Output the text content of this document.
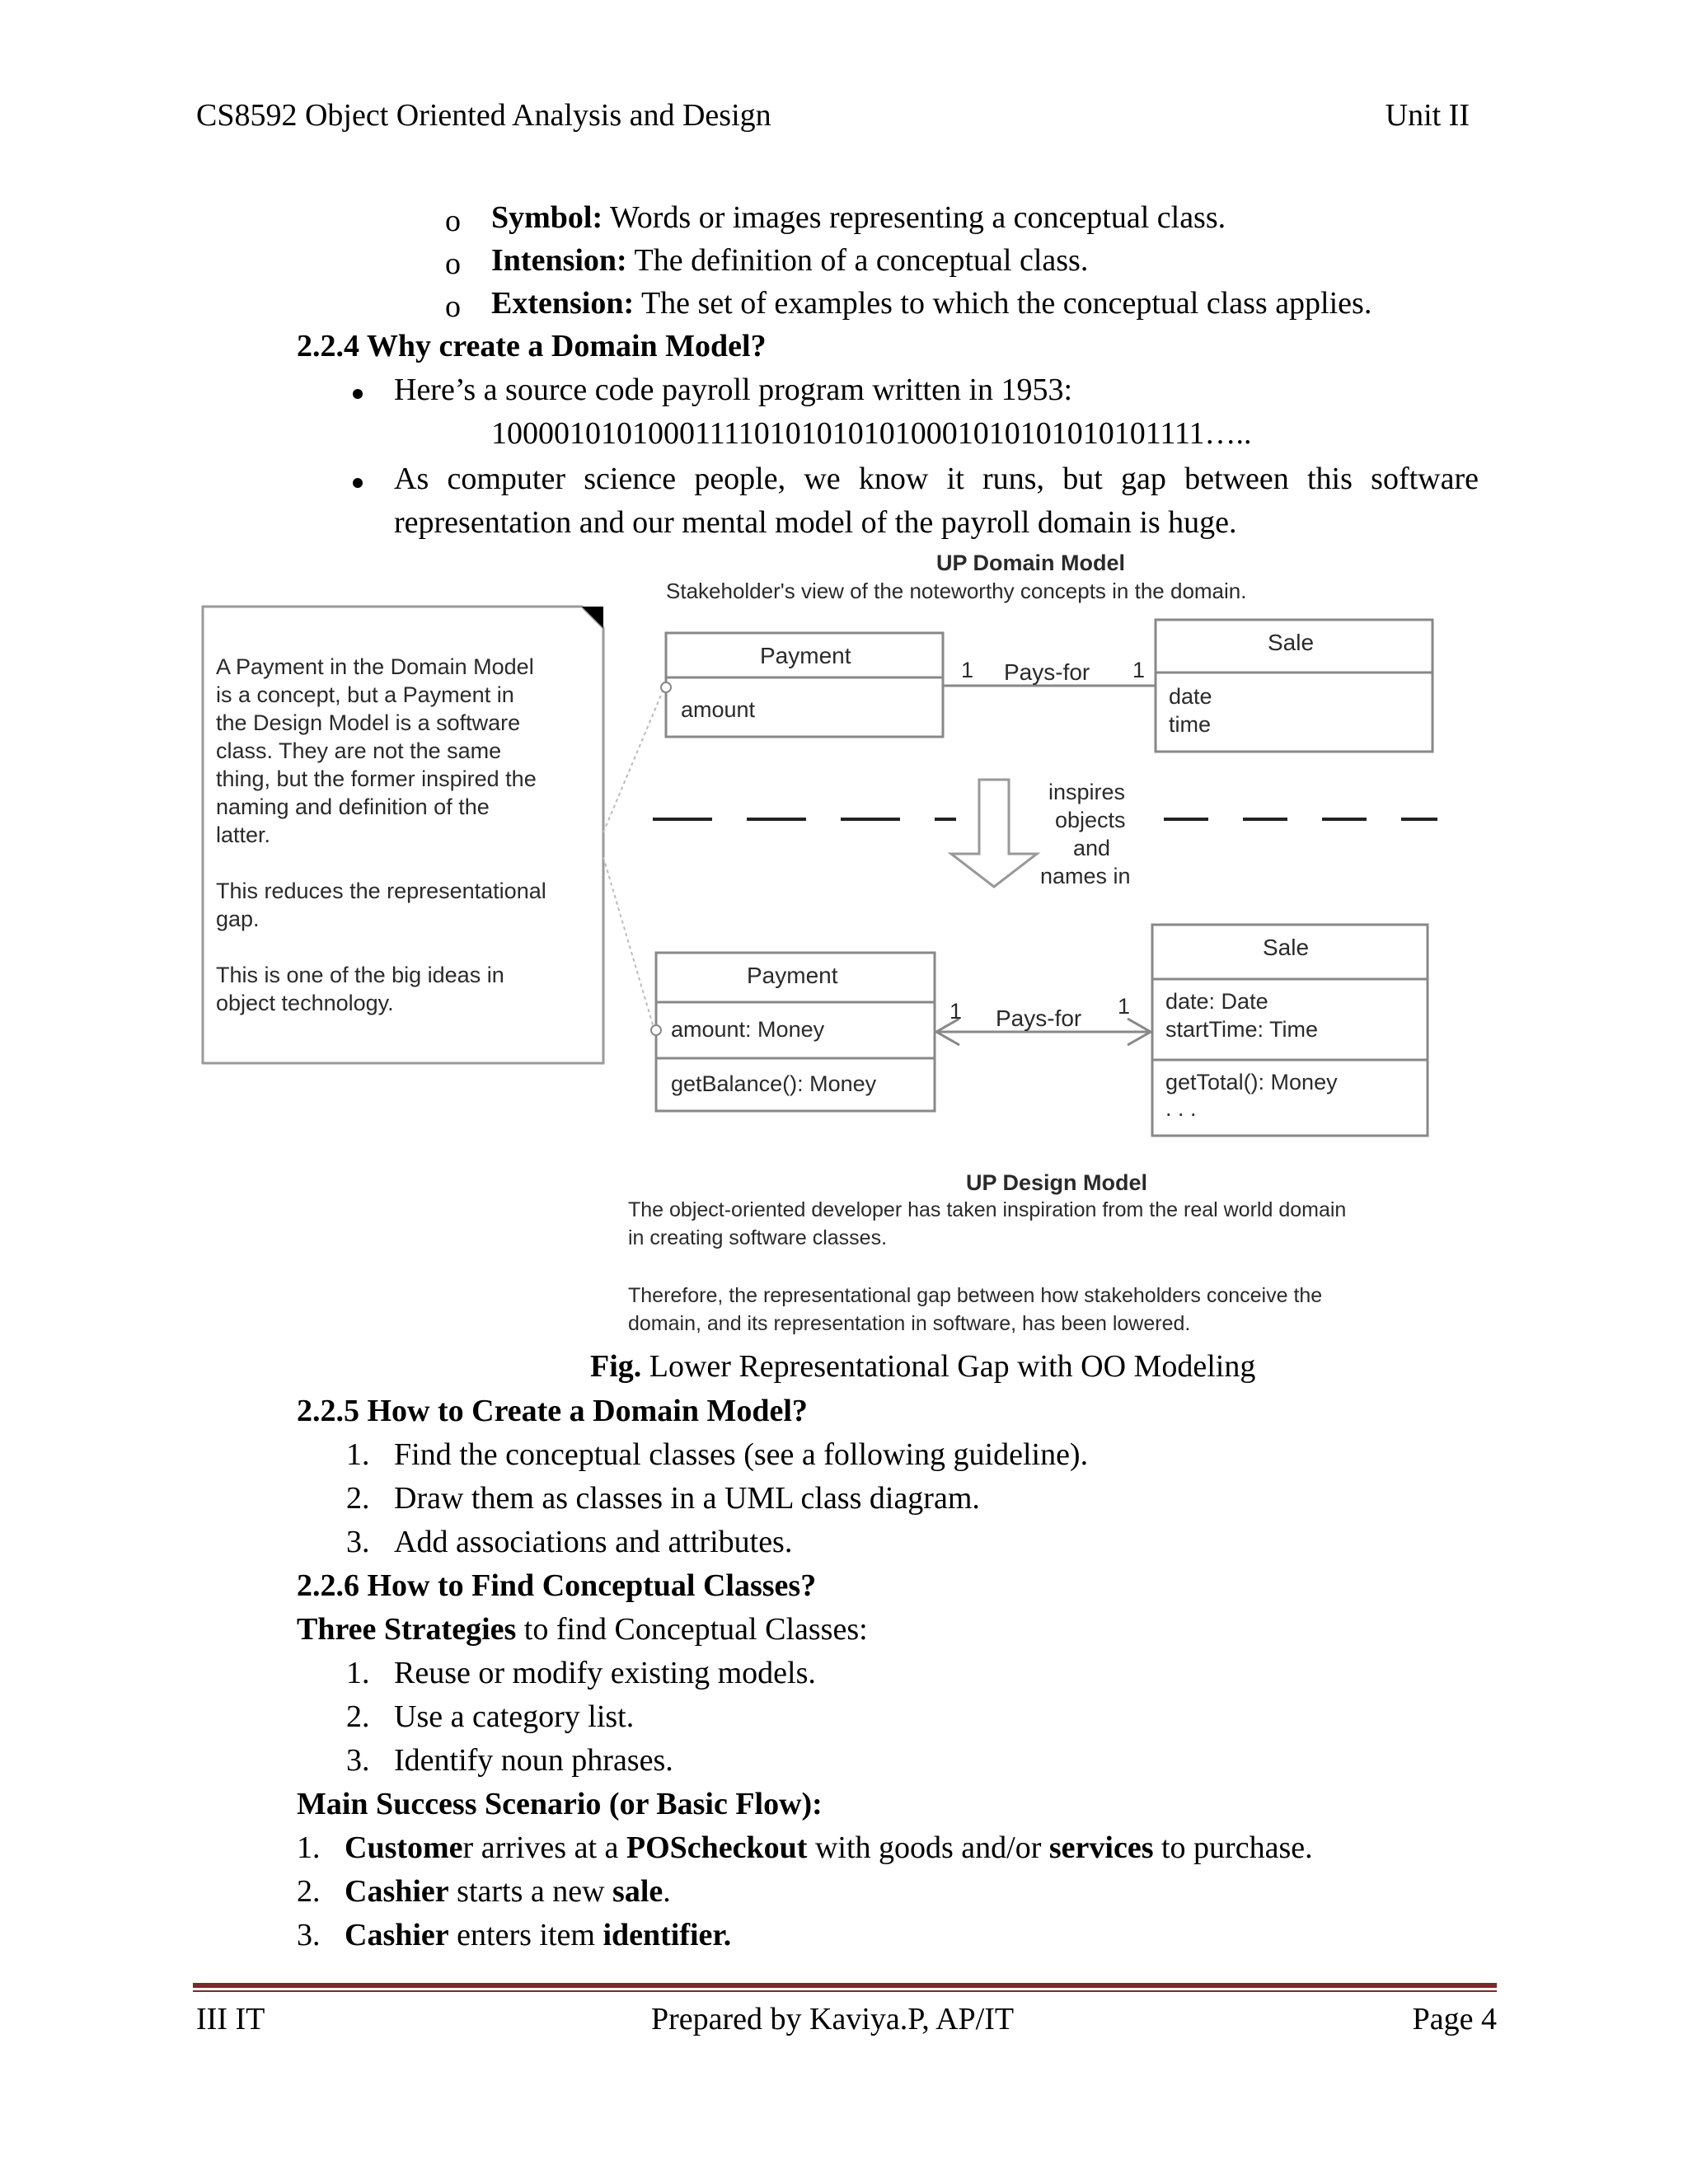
CS8592 Object Oriented Analysis and Design	Unit II
o Symbol: Words or images representing a conceptual class.
o Intension: The definition of a conceptual class.
o Extension: The set of examples to which the conceptual class applies.
2.2.4 Why create a Domain Model?
Here’s a source code payroll program written in 1953:
1000010101000111101010101010001010101010101111…..
As computer science people, we know it runs, but gap between this software
representation and our mental model of the payroll domain is huge.
UP Domain Model
Stakeholder's view of the noteworthy concepts in the domain.
A Payment in the Domain Model
is a concept, but a Payment in
the Design Model is a software
class. They are not the same
thing, but the former inspired the
naming and definition of the
latter.
This reduces the representational
gap.
This is one of the big ideas in
object technology.
Payment
amount
Sale
date
time
1 Pays-for 1
inspires
objects
and
names in
Payment
amount: Money
getBalance(): Money
Sale
date: Date
startTime: Time
getTotal(): Money
. . .
1 Pays-for 1
UP Design Model
The object-oriented developer has taken inspiration from the real world domain
in creating software classes.
Therefore, the representational gap between how stakeholders conceive the
domain, and its representation in software, has been lowered.
Fig. Lower Representational Gap with OO Modeling
2.2.5 How to Create a Domain Model?
1. Find the conceptual classes (see a following guideline).
2. Draw them as classes in a UML class diagram.
3. Add associations and attributes.
2.2.6 How to Find Conceptual Classes?
Three Strategies to find Conceptual Classes:
1. Reuse or modify existing models.
2. Use a category list.
3. Identify noun phrases.
Main Success Scenario (or Basic Flow):
1. Customer arrives at a POScheckout with goods and/or services to purchase.
2. Cashier starts a new sale.
3. Cashier enters item identifier.
III IT	Prepared by Kaviya.P, AP/IT	Page 4
